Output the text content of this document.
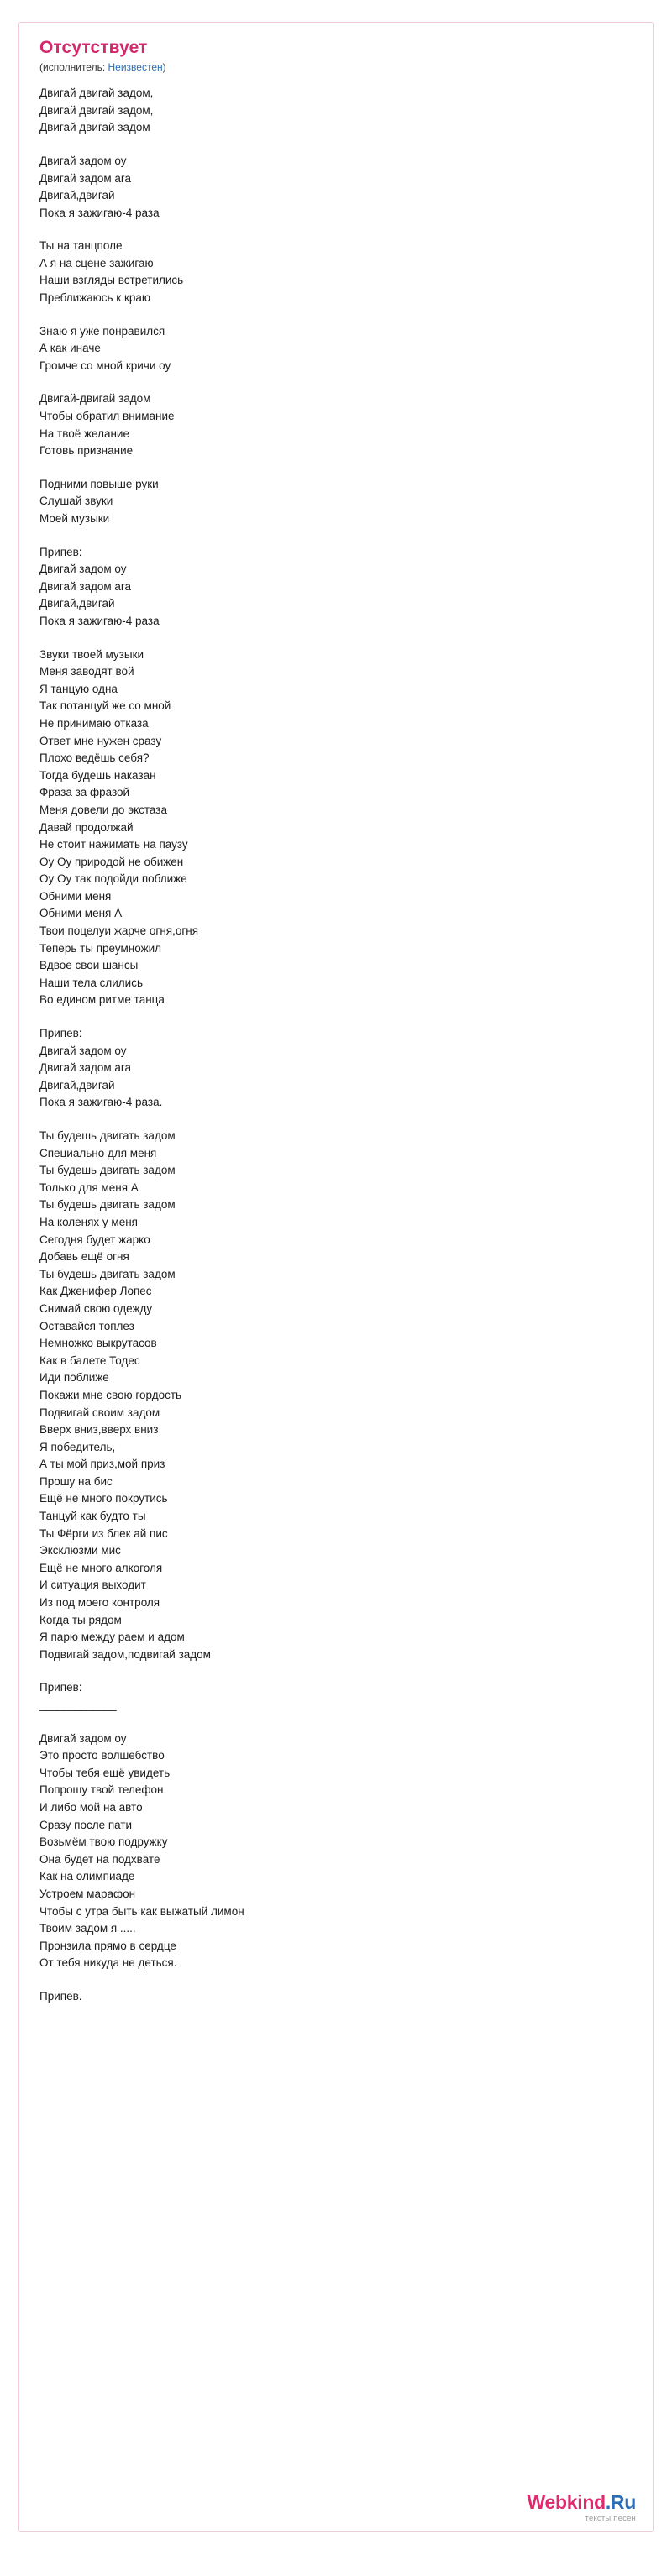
Отсутствует
(исполнитель: Неизвестен)
Двигай двигай задом,
Двигай двигай задом,
Двигай двигай задом
Двигай задом оу
Двигай задом ага
Двигай,двигай
Пока я зажигаю-4 раза
Ты на танцполе
А я на сцене зажигаю
Наши взгляды встретились
Преближаюсь к краю
Знаю я уже понравился
А как иначе
Громче со мной кричи оу
Двигай-двигай задом
Чтобы обратил внимание
На твоё желание
Готовь признание
Подними повыше руки
Слушай звуки
Моей музыки
Припев:
Двигай задом оу
Двигай задом ага
Двигай,двигай
Пока я зажигаю-4 раза
Звуки твоей музыки
Меня заводят вой
Я танцую одна
Так потанцуй же со мной
Не принимаю отказа
Ответ мне нужен сразу
Плохо ведёшь себя?
Тогда будешь наказан
Фраза за фразой
Меня довели до экстаза
Давай продолжай
Не стоит нажимать на паузу
Оу Оу природой не обижен
Оу Оу так подойди поближе
Обними меня
Обними меня А
Твои поцелуи жарче огня,огня
Теперь ты преумножил
Вдвое свои шансы
Наши тела слились
Во едином ритме танца
Припев:
Двигай задом оу
Двигай задом ага
Двигай,двигай
Пока я зажигаю-4 раза.
Ты будешь двигать задом
Специально для меня
Ты будешь двигать задом
Только для меня А
Ты будешь двигать задом
На коленях у меня
Сегодня будет жарко
Добавь ещё огня
Ты будешь двигать задом
Как Дженифер Лопес
Снимай свою одежду
Оставайся топлез
Немножко выкрутасов
Как в балете Тодес
Иди поближе
Покажи мне свою гордость
Подвигай своим задом
Вверх вниз,вверх вниз
Я победитель,
А ты мой приз,мой приз
Прошу на бис
Ещё не много покрутись
Танцуй как будто ты
Ты Фёрги из блек ай пис
Эксклюзми мис
Ещё не много алкоголя
И ситуация выходит
Из под моего контроля
Когда ты рядом
Я парю между раем и адом
Подвигай задом,подвигай задом
Припев:
_____________
Двигай задом оу
Это просто волшебство
Чтобы тебя ещё увидеть
Попрошу твой телефон
И либо мой на авто
Сразу после пати
Возьмём твою подружку
Она будет на подхвате
Как на олимпиаде
Устроем марафон
Чтобы с утра быть как выжатый лимон
Твоим задом я .....
Пронзила прямо в сердце
От тебя никуда не деться.
Припев.
Webkind.Ru
тексты песен
